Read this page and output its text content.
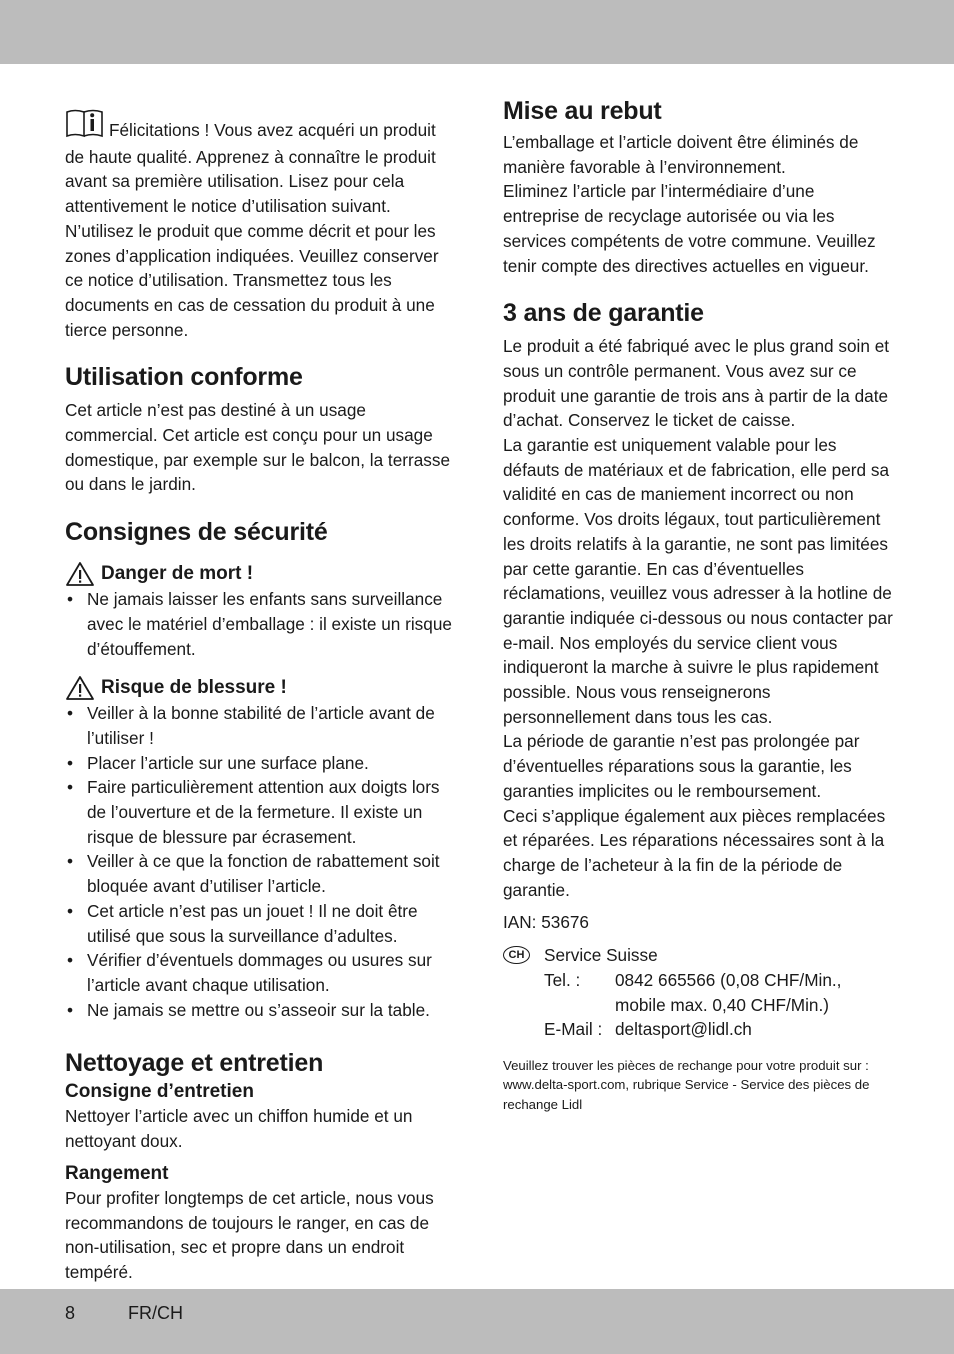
Félicitations ! Vous avez acquéri un produit de haute qualité. Apprenez à connaître le produit avant sa première utilisation. Lisez pour cela attentivement le notice d’utilisation suivant. N’utilisez le produit que comme décrit et pour les zones d’application indiquées. Veuillez conserver ce notice d’utilisation. Transmettez tous les documents en cas de cessation du produit à une tierce personne.

Utilisation conforme

Cet article n’est pas destiné à un usage commercial. Cet article est conçu pour un usage domestique, par exemple sur le balcon, la terrasse ou dans le jardin.

Consignes de sécurité
Danger de mort !
• Ne jamais laisser les enfants sans surveillance avec le matériel d’emballage : il existe un risque d’étouffement.
Risque de blessure !
• Veiller à la bonne stabilité de l’article avant de l’utiliser !
• Placer l’article sur une surface plane.
• Faire particulièrement attention aux doigts lors de l’ouverture et de la fermeture. Il existe un risque de blessure par écrasement.
• Veiller à ce que la fonction de rabattement soit bloquée avant d’utiliser l’article.
• Cet article n’est pas un jouet ! Il ne doit être utilisé que sous la surveillance d’adultes.
• Vérifier d’éventuels dommages ou usures sur l’article avant chaque utilisation.
• Ne jamais se mettre ou s’asseoir sur la table.
Nettoyage et entretien
Consigne d’entretien

Nettoyer l’article avec un chiffon humide et un nettoyant doux.

Rangement

Pour profiter longtemps de cet article, nous vous recommandons de toujours le ranger, en cas de non-utilisation, sec et propre dans un endroit tempéré.

Mise au rebut

L’emballage et l’article doivent être éliminés de manière favorable à l’environnement.

Eliminez l’article par l’intermédiaire d’une entreprise de recyclage autorisée ou via les services compétents de votre commune. Veuillez tenir compte des directives actuelles en vigueur.

3 ans de garantie

Le produit a été fabriqué avec le plus grand soin et sous un contrôle permanent. Vous avez sur ce produit une garantie de trois ans à partir de la date d’achat. Conservez le ticket de caisse.

La garantie est uniquement valable pour les défauts de matériaux et de fabrication, elle perd sa validité en cas de maniement incorrect ou non conforme. Vos droits légaux, tout particulièrement les droits relatifs à la garantie, ne sont pas limitées par cette garantie. En cas d’éventuelles réclamations, veuillez vous adresser à la hotline de garantie indiquée ci-dessous ou nous contacter par e-mail. Nos employés du service client vous indiqueront la marche à suivre le plus rapidement possible. Nous vous renseignerons personnellement dans tous les cas.

La période de garantie n’est pas prolongée par d’éventuelles réparations sous la garantie, les garanties implicites ou le remboursement.

Ceci s’applique également aux pièces remplacées et réparées. Les réparations nécessaires sont à la charge de l’acheteur à la fin de la période de garantie.

IAN: 53676

CH	Service Suisse
Tel. :	0842 665566 (0,08 CHF/Min.,
mobile max. 0,40 CHF/Min.)
E-Mail : deltasport@lidl.ch

Veuillez trouver les pièces de rechange pour votre produit sur : www.delta-sport.com, rubrique Service - Service des pièces de rechange Lidl

8	FR/CH
